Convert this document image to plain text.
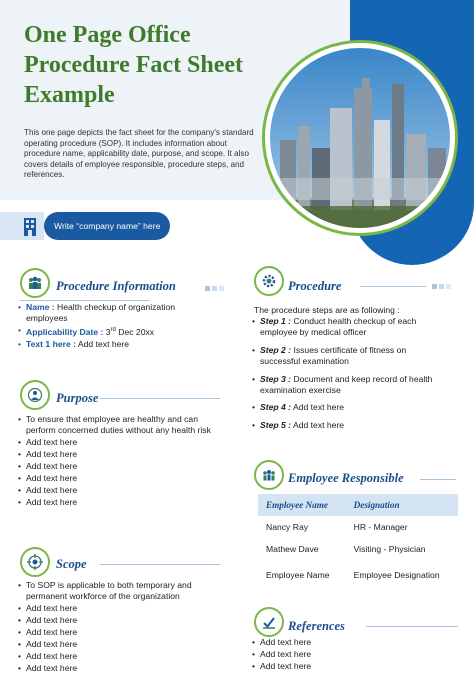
One Page Office Procedure Fact Sheet Example
This one page depicts the fact sheet for the company's standard operating procedure (SOP). It includes information about procedure name, applicability date, purpose, and scope. It also covers details of employee responsible, procedure steps, and references.
Write “company name” here
Procedure Information
• Name : Health checkup of organization employees
• Applicability Date : 3rd Dec 20xx
• Text 1 here : Add text here
Purpose
• To ensure that employee are healthy and can perform concerned duties without any health risk
• Add text here
• Add text here
• Add text here
• Add text here
• Add text here
• Add text here
Scope
• To SOP is applicable to both temporary and permanent workforce of the organization
• Add text here
• Add text here
• Add text here
• Add text here
• Add text here
• Add text here
Procedure
The procedure steps are as following :
• Step 1 : Conduct health checkup of each employee by medical officer
• Step 2 : Issues certificate of fitness on successful examination
• Step 3 : Document and keep record of health examination exercise
• Step 4 : Add text here
• Step 5 : Add text here
Employee Responsible
Employee Name	Designation
Nancy Ray	HR - Manager
Mathew Dave	Visiting - Physician
Employee Name	Employee Designation
References
• Add text here
• Add text here
• Add text here
